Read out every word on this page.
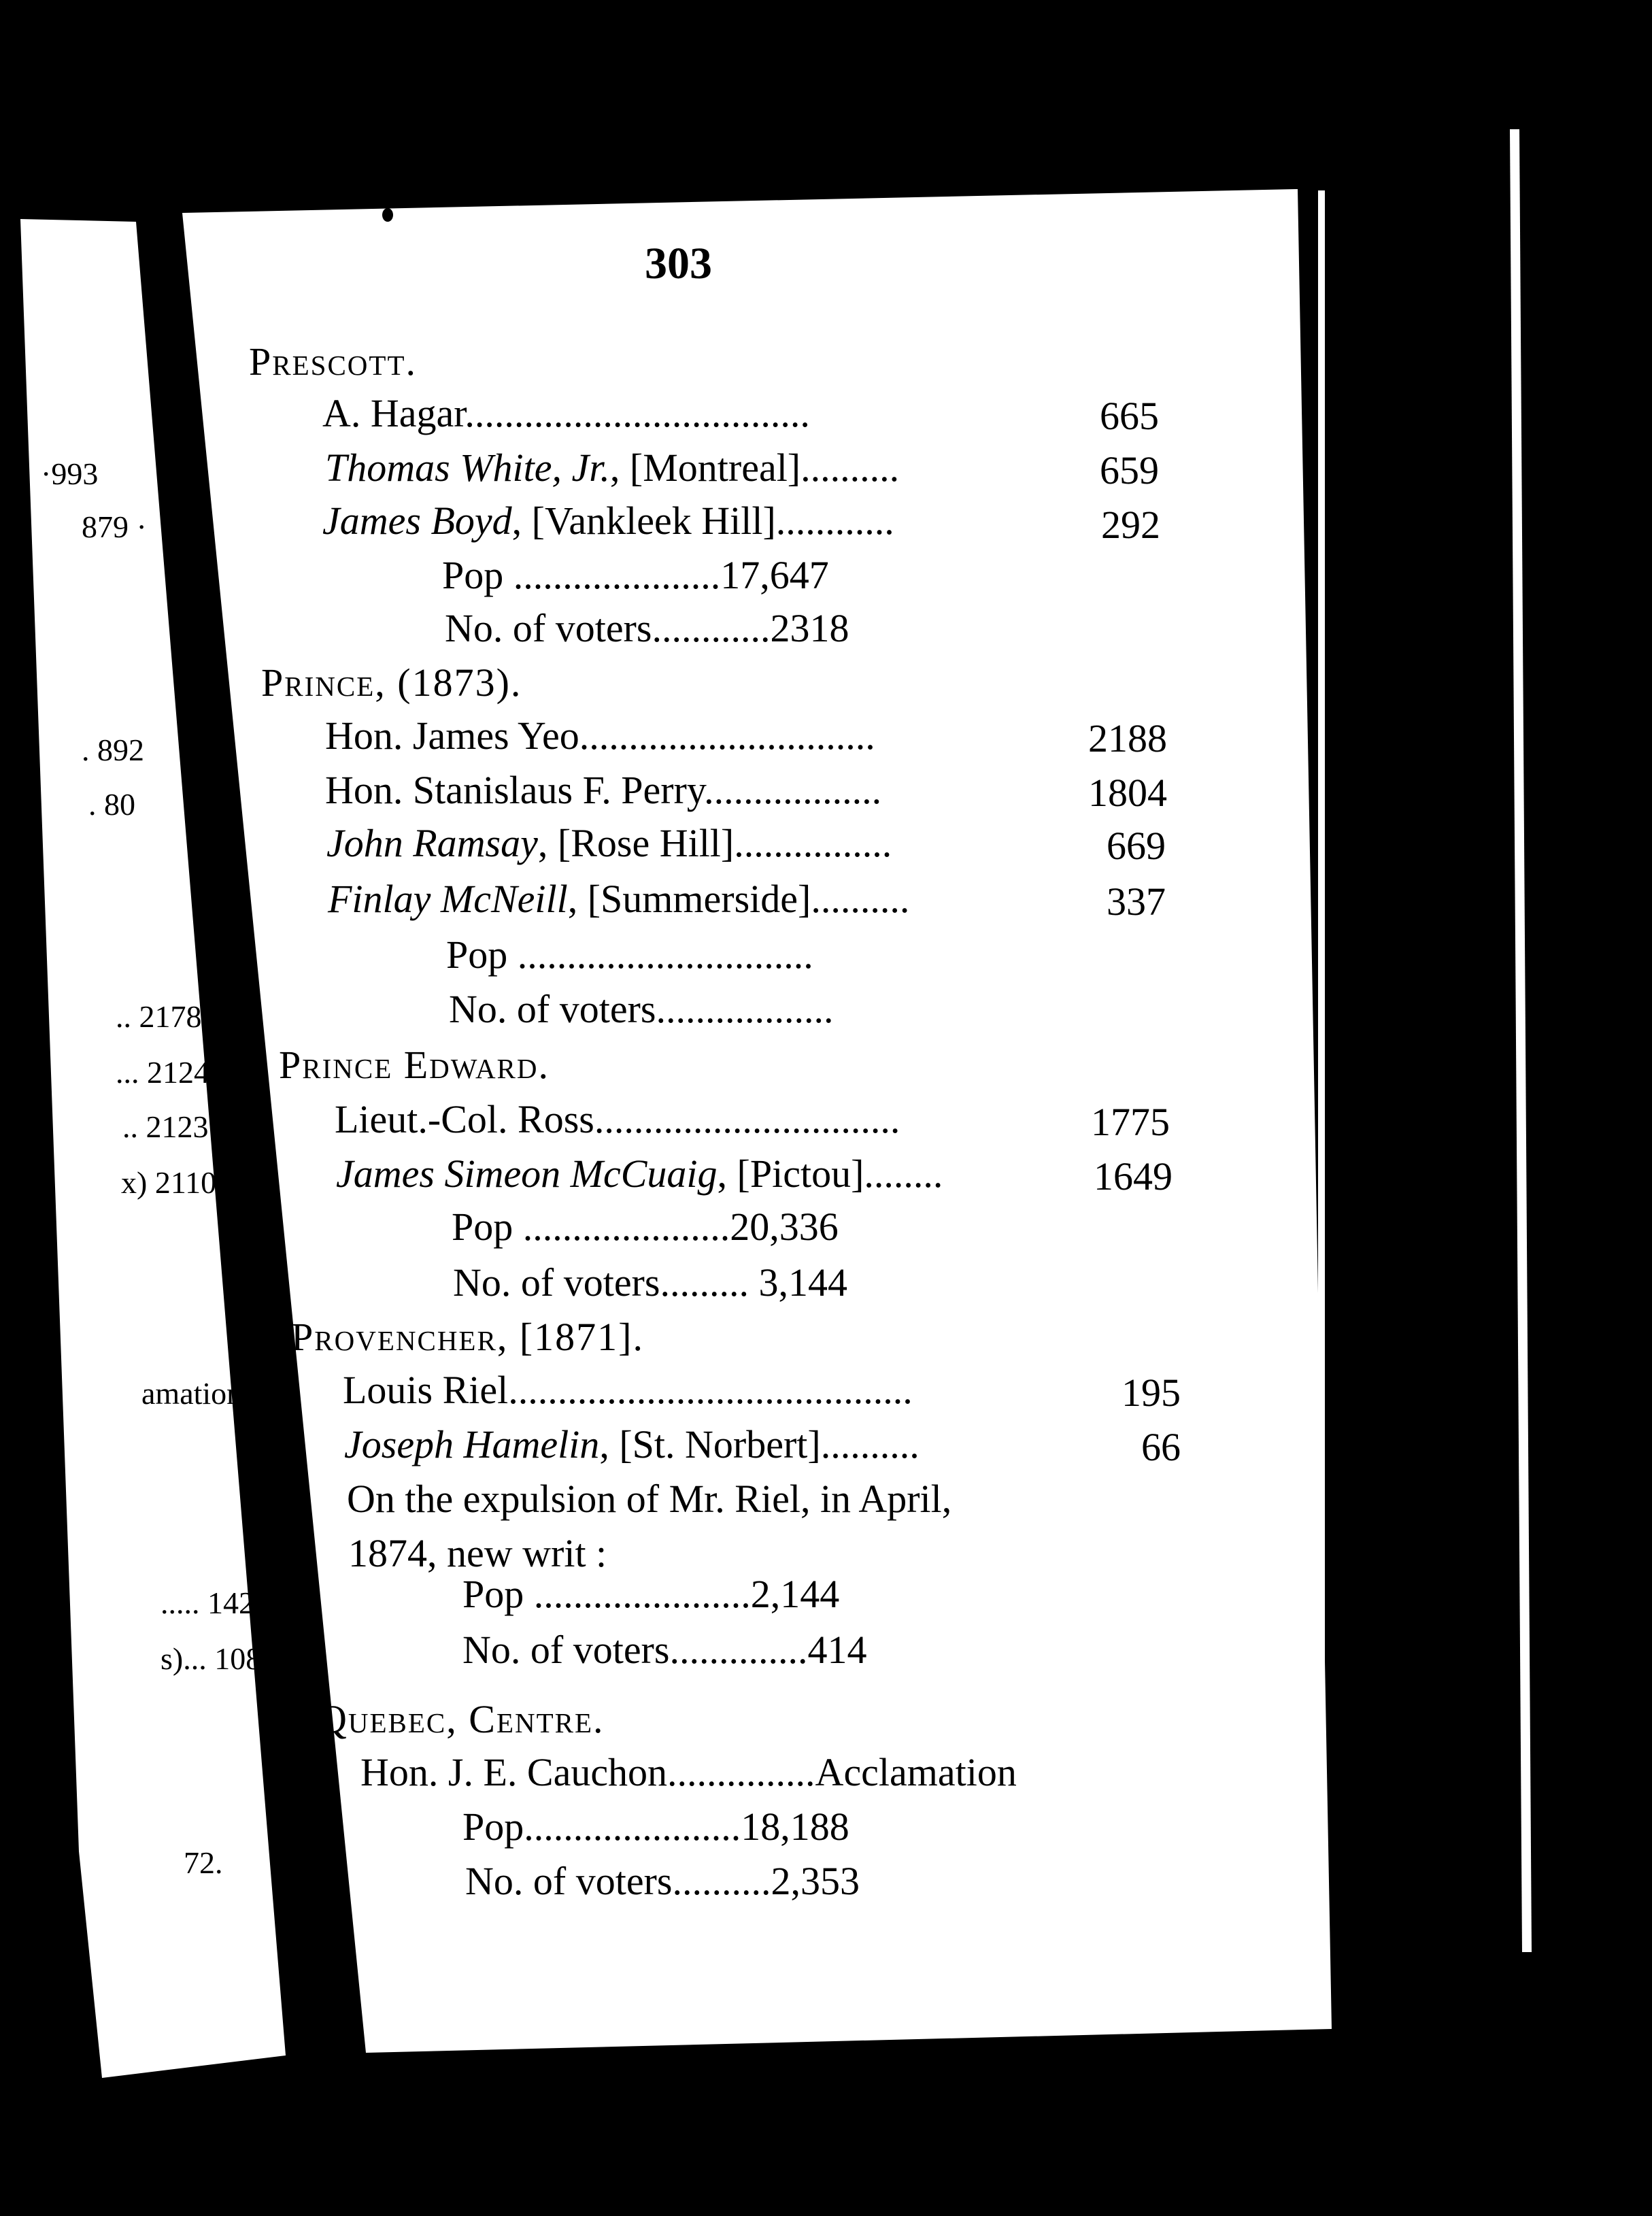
·993
879 ·
. 892
. 80
.. 2178
... 2124
.. 2123
x) 2110
amation
..... 142
s)... 108
72.
303
Prescott.
A. Hagar...................................	665
Thomas White, Jr., [Montreal]..........	659
James Boyd, [Vankleek Hill]............	292
Pop .....................17,647
No. of voters............2318
Prince, (1873).
Hon. James Yeo..............................	2188
Hon. Stanislaus F. Perry..................	1804
John Ramsay, [Rose Hill]................	669
Finlay McNeill, [Summerside]..........	337
Pop ..............................
No. of voters..................
Prince Edward.
Lieut.-Col. Ross...............................	1775
James Simeon McCuaig, [Pictou]........	1649
Pop .....................20,336
No. of voters......... 3,144
Provencher, [1871].
Louis Riel.........................................	195
Joseph Hamelin, [St. Norbert]..........	66
On the expulsion of Mr. Riel, in April,
1874, new writ :
Pop ......................2,144
No. of voters..............414
Quebec, Centre.
Hon. J. E. Cauchon...............Acclamation
Pop......................18,188
No. of voters..........2,353
